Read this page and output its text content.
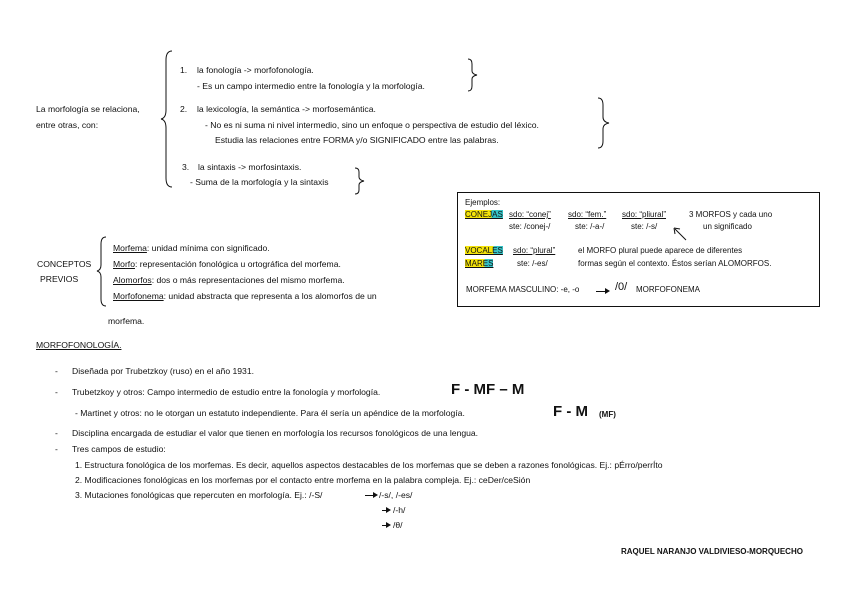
La morfología se relaciona,
entre otras, con:
1. la fonología -> morfofonología.
- Es un campo intermedio entre la fonología y la morfología.
2. la lexicología, la semántica -> morfosemántica.
- No es ni suma ni nivel intermedio, sino un enfoque o perspectiva de estudio del léxico.
Estudia las relaciones entre FORMA y/o SIGNIFICADO entre las palabras.
3. la sintaxis -> morfosintaxis.
- Suma de la morfología y la sintaxis
CONCEPTOS
PREVIOS
Morfema: unidad mínima con significado.
Morfo: representación fonológica u ortográfica del morfema.
Alomorfos: dos o más representaciones del mismo morfema.
Morfofonema: unidad abstracta que representa a los alomorfos de un
morfema.
Ejemplos:
CONEJAS sdo: “conej” sdo: “fem.” sdo: “pliural”	3 MORFOS y cada uno
ste: /conej-/	ste: /-a-/	ste: /-s/	un significado
VOCALES sdo: “plural”	el MORFO plural puede aparece de diferentes
MARES	ste: /-es/	formas según el contexto. Éstos serían ALOMORFOS.
MORFEMA MASCULINO: -e, -o	/0/ MORFOFONEMA
MORFOFONOLOGÍA.
- Diseñada por Trubetzkoy (ruso) en el año 1931.
- Trubetzkoy y otros: Campo intermedio de estudio entre la fonología y morfología.	F - MF – M
- Martinet y otros: no le otorgan un estatuto independiente. Para él sería un apéndice de la morfología.	F - M (MF)
- Disciplina encargada de estudiar el valor que tienen en morfología los recursos fonológicos de una lengua.
- Tres campos de estudio:
1. Estructura fonológica de los morfemas. Es decir, aquellos aspectos destacables de los morfemas que se deben a razones fonológicas. Ej.: pÉrro/perrÍto
2. Modificaciones fonológicas en los morfemas por el contacto entre morfema en la palabra compleja. Ej.: ceDer/ceSión
3. Mutaciones fonológicas que repercuten en morfología. Ej.: /-S/	/-s/, /-es/
/-h/
/θ/
RAQUEL NARANJO VALDIVIESO-MORQUECHO
